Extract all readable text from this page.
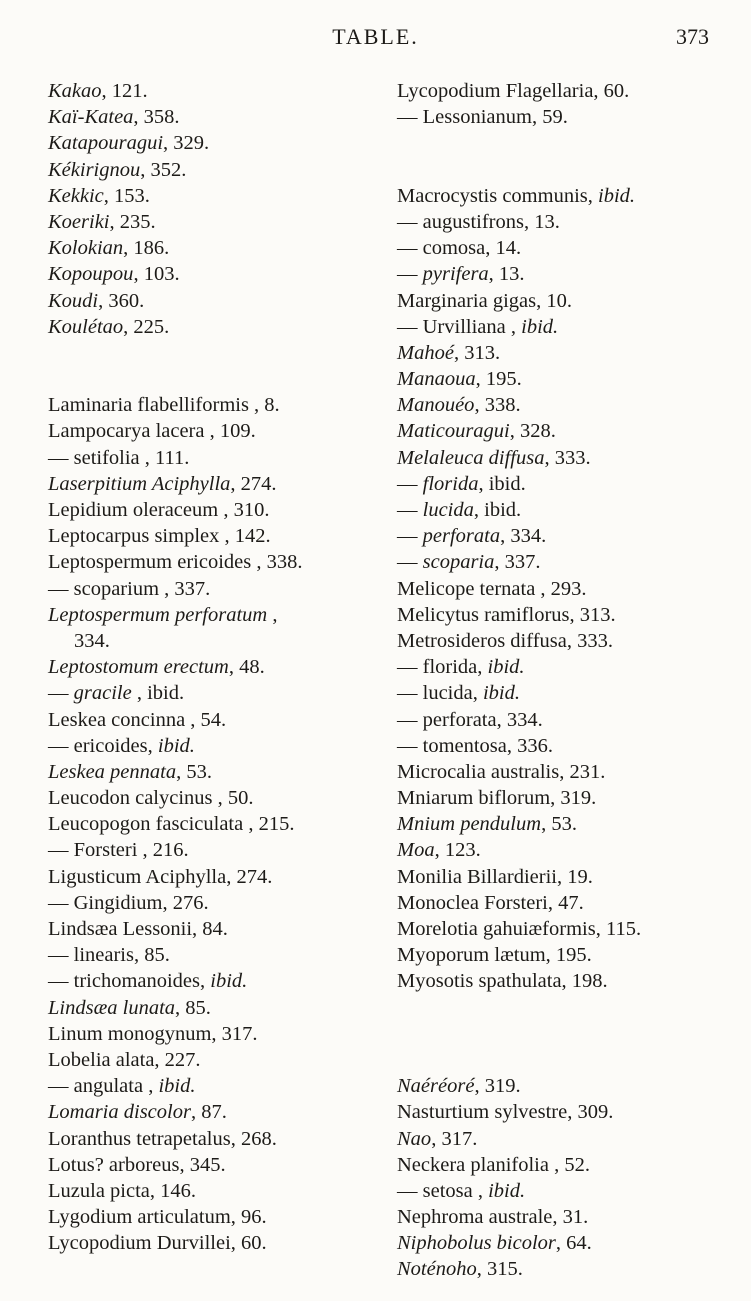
TABLE.	373
Kakao, 121.
Kaï-Katea, 358.
Katapouragui, 329.
Kékirignou, 352.
Kekkic, 153.
Koeriki, 235.
Kolokian, 186.
Kopoupou, 103.
Koudi, 360.
Koulétao, 225.
Laminaria flabelliformis , 8.
Lampocarya lacera , 109.
— setifolia , 111.
Laserpitium Aciphylla, 274.
Lepidium oleraceum , 310.
Leptocarpus simplex , 142.
Leptospermum ericoides , 338.
— scoparium , 337.
Leptospermum perforatum ,
334.
Leptostomum erectum, 48.
— gracile , ibid.
Leskea concinna , 54.
— ericoides, ibid.
Leskea pennata, 53.
Leucodon calycinus , 50.
Leucopogon fasciculata , 215.
— Forsteri , 216.
Ligusticum Aciphylla, 274.
— Gingidium, 276.
Lindsæa Lessonii, 84.
— linearis, 85.
— trichomanoides, ibid.
Lindsæa lunata, 85.
Linum monogynum, 317.
Lobelia alata, 227.
— angulata , ibid.
Lomaria discolor, 87.
Loranthus tetrapetalus, 268.
Lotus? arboreus, 345.
Luzula picta, 146.
Lygodium articulatum, 96.
Lycopodium Durvillei, 60.
Lycopodium Flagellaria, 60.
— Lessonianum, 59.
Macrocystis communis, ibid.
— augustifrons, 13.
— comosa, 14.
— pyrifera, 13.
Marginaria gigas, 10.
— Urvilliana , ibid.
Mahoé, 313.
Manaoua, 195.
Manouéo, 338.
Maticouragui, 328.
Melaleuca diffusa, 333.
— florida, ibid.
— lucida, ibid.
— perforata, 334.
— scoparia, 337.
Melicope ternata , 293.
Melicytus ramiflorus, 313.
Metrosideros diffusa, 333.
— florida, ibid.
— lucida, ibid.
— perforata, 334.
— tomentosa, 336.
Microcalia australis, 231.
Mniarum biflorum, 319.
Mnium pendulum, 53.
Moa, 123.
Monilia Billardierii, 19.
Monoclea Forsteri, 47.
Morelotia gahuiæformis, 115.
Myoporum lætum, 195.
Myosotis spathulata, 198.
Naéréoré, 319.
Nasturtium sylvestre, 309.
Nao, 317.
Neckera planifolia , 52.
— setosa , ibid.
Nephroma australe, 31.
Niphobolus bicolor, 64.
Noténoho, 315.
